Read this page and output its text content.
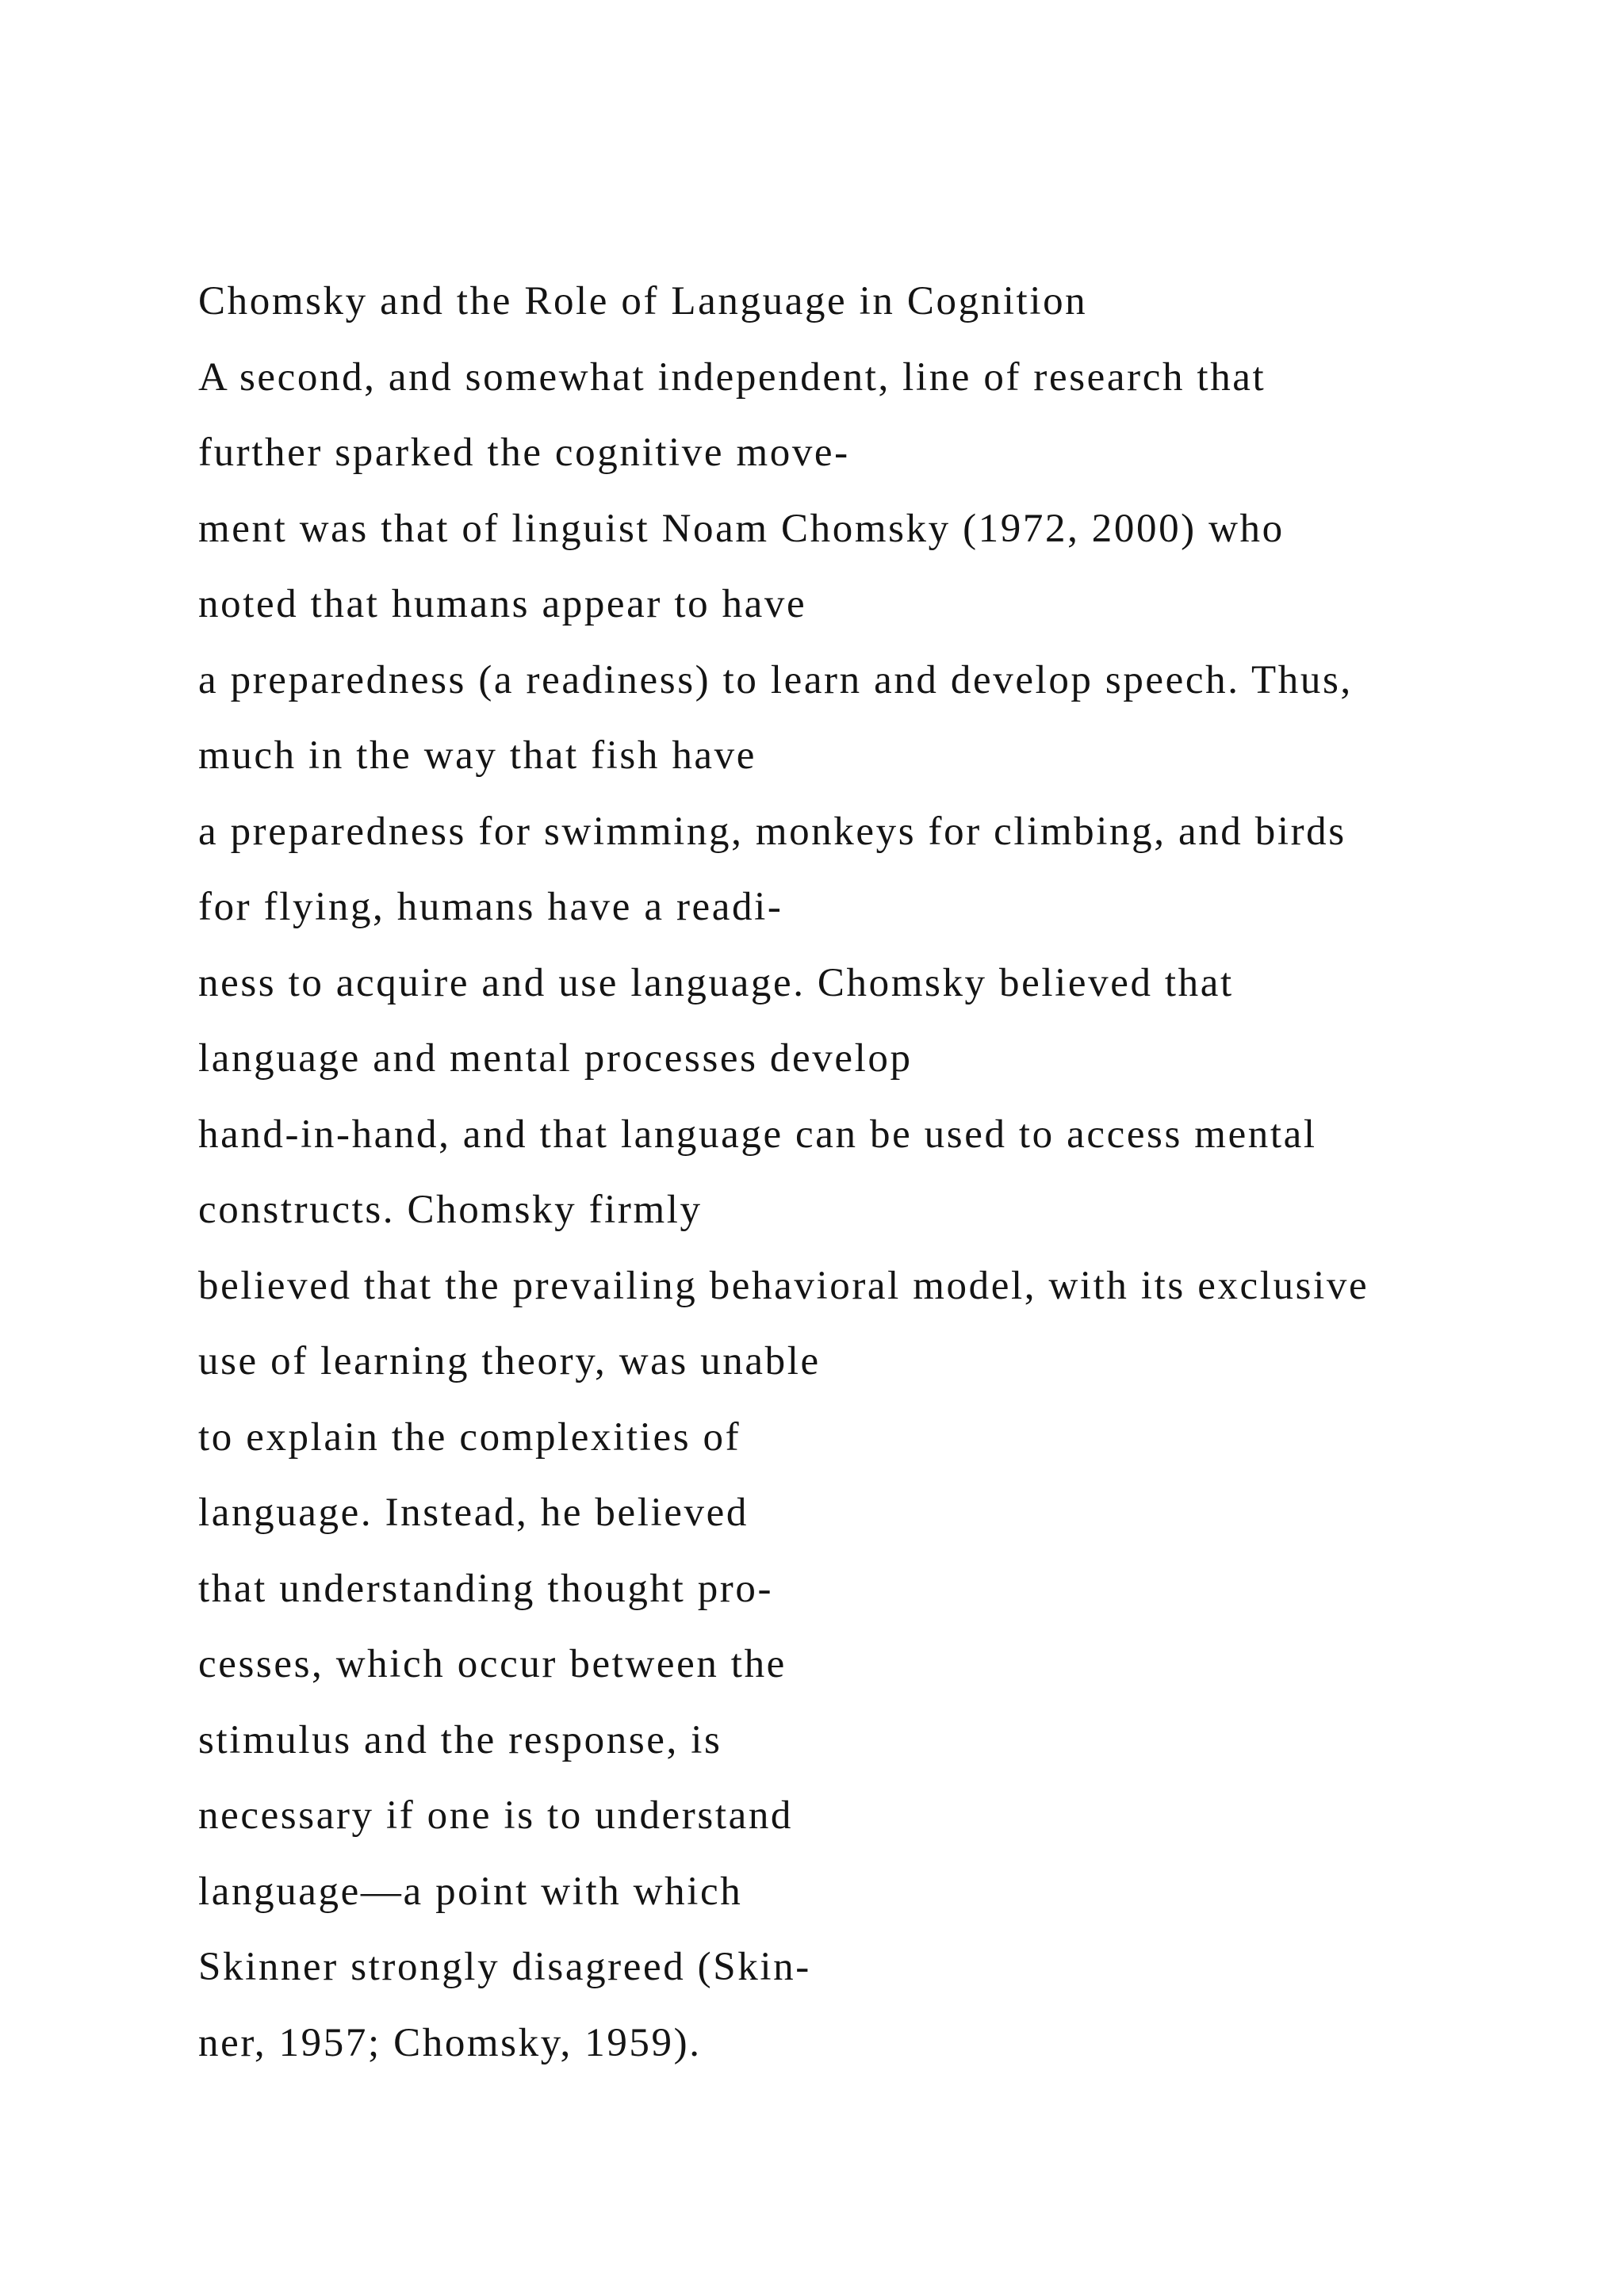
Chomsky and the Role of Language in Cognition
A second, and somewhat independent, line of research that
further sparked the cognitive move-
ment was that of linguist Noam Chomsky (1972, 2000) who
noted that humans appear to have
a preparedness (a readiness) to learn and develop speech. Thus,
much in the way that fish have
a preparedness for swimming, monkeys for climbing, and birds
for flying, humans have a readi-
ness to acquire and use language. Chomsky believed that
language and mental processes develop
hand-in-hand, and that language can be used to access mental
constructs. Chomsky firmly
believed that the prevailing behavioral model, with its exclusive
use of learning theory, was unable
to explain the complexities of
language. Instead, he believed
that understanding thought pro-
cesses, which occur between the
stimulus and the response, is
necessary if one is to understand
language—a point with which
Skinner strongly disagreed (Skin-
ner, 1957; Chomsky, 1959).
